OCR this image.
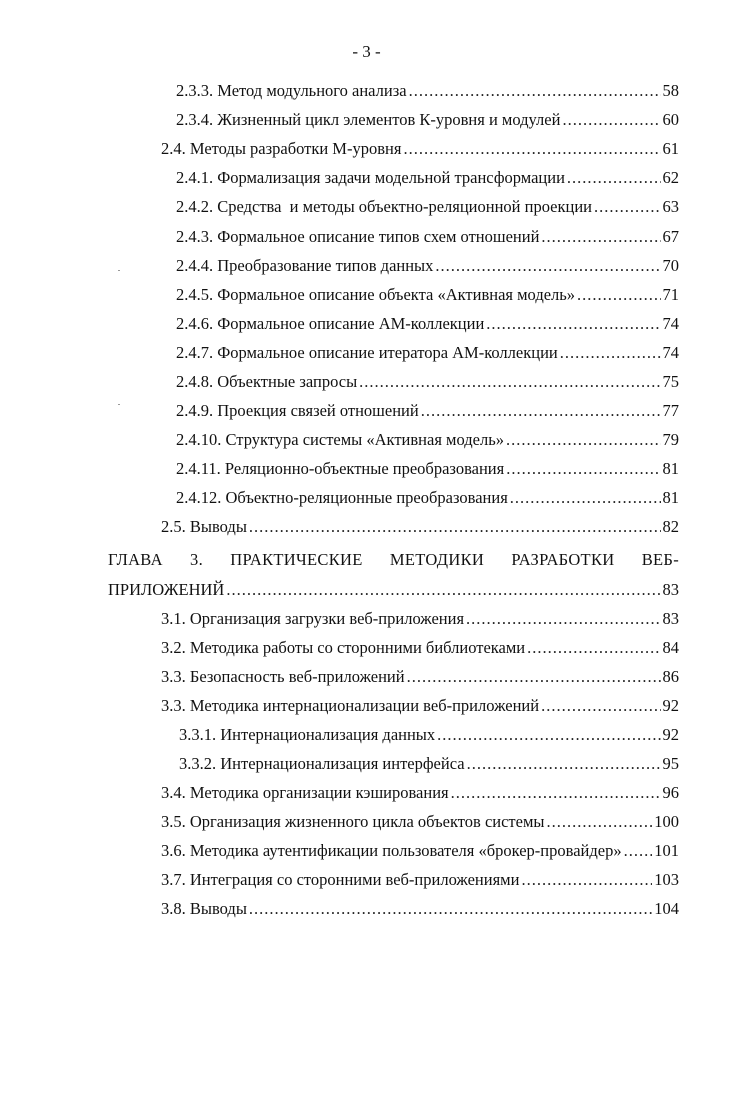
- 3 -
2.3.3. Метод модульного анализа .....	58
2.3.4. Жизненный цикл элементов К-уровня и модулей .....	60
2.4. Методы разработки М-уровня .....	61
2.4.1. Формализация задачи модельной трансформации .....	62
2.4.2. Средства  и методы объектно-реляционной проекции .....	63
2.4.3. Формальное описание типов схем отношений .....	67
2.4.4. Преобразование типов данных .....	70
2.4.5. Формальное описание объекта «Активная модель» .....	71
2.4.6. Формальное описание АМ-коллекции .....	74
2.4.7. Формальное описание итератора АМ-коллекции .....	74
2.4.8. Объектные запросы .....	75
2.4.9. Проекция связей отношений .....	77
2.4.10. Структура системы «Активная модель» .....	79
2.4.11. Реляционно-объектные преобразования .....	81
2.4.12. Объектно-реляционные преобразования .....	81
2.5. Выводы .....	82
ГЛАВА 3. ПРАКТИЧЕСКИЕ МЕТОДИКИ РАЗРАБОТКИ ВЕБ-
ПРИЛОЖЕНИЙ .....	83
3.1. Организация загрузки веб-приложения .....	83
3.2. Методика работы со сторонними библиотеками .....	84
3.3. Безопасность веб-приложений .....	86
3.3. Методика интернационализации веб-приложений .....	92
3.3.1. Интернационализация данных .....	92
3.3.2. Интернационализация интерфейса .....	95
3.4. Методика организации кэширования .....	96
3.5. Организация жизненного цикла объектов системы .....	100
3.6. Методика аутентификации пользователя «брокер-провайдер» ..... 101
3.7. Интеграция со сторонними веб-приложениями .....	103
3.8. Выводы .....	104
